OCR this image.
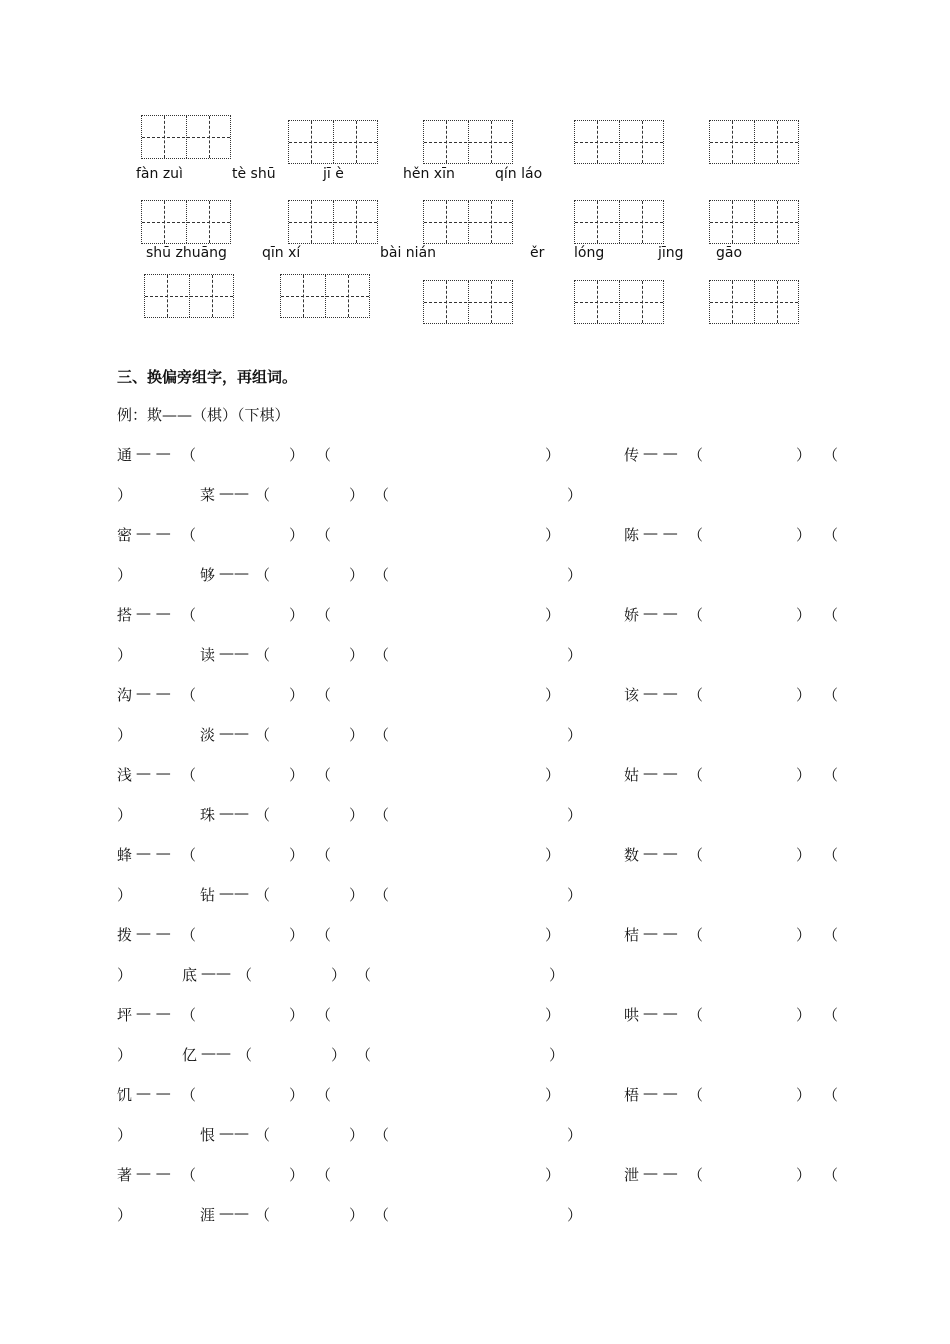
fàn zuì	tè shū	jī è	hěn xīn	qín láo
shū zhuāng	qīn xí	bài nián	ěr lóng	jīng gāo
三、换偏旁组字，再组词。
例：欺——（棋）（下棋）
通 — — （	） （	）	传 — — （	） （
）	菜 —— （	） （	）
密 — — （	） （	）	陈 — — （	） （
）	够 —— （	） （	）
搭 — — （	） （	）	娇 — — （	） （
）	读 —— （	） （	）
沟 — — （	） （	）	该 — — （	） （
）	淡 —— （	） （	）
浅 — — （	） （	）	姑 — — （	） （
）	珠 —— （	） （	）
蜂 — — （	） （	）	数 — — （	） （
）	钻 —— （	） （	）
拨 — — （	） （	）	桔 — — （	） （
）	底 —— （	） （	）
坪 — — （	） （	）	哄 — — （	） （
）	亿 —— （	） （	）
饥 — — （	） （	）	梧 — — （	） （
）	恨 —— （	） （	）
著 — — （	） （	）	泄 — — （	） （
）	涯 —— （	） （	）
